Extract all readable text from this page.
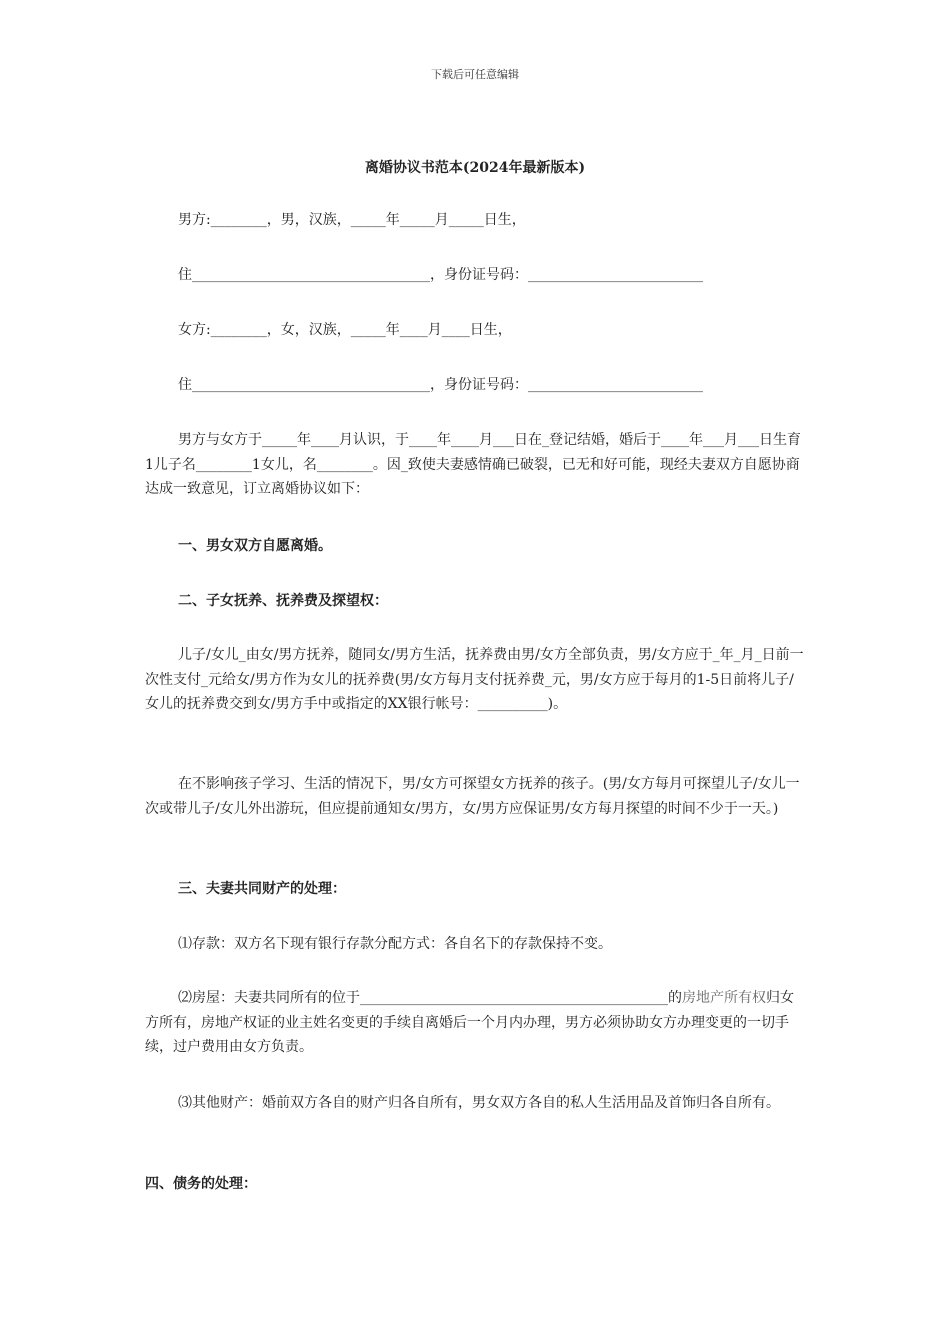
下载后可任意编辑
离婚协议书范本(2024年最新版本)

男方:________，男，汉族，_____年_____月_____日生，

住__________________________________，身份证号码：_________________________

女方:________，女，汉族，_____年____月____日生，

住__________________________________，身份证号码：_________________________

男方与女方于_____年____月认识，于____年____月___日在_登记结婚，婚后于____年___月___日生育1儿子名________1女儿，名________。因_致使夫妻感情确已破裂，已无和好可能，现经夫妻双方自愿协商达成一致意见，订立离婚协议如下：

一、男女双方自愿离婚。

二、子女抚养、抚养费及探望权：

儿子/女儿_由女/男方抚养，随同女/男方生活，抚养费由男/女方全部负责，男/女方应于_年_月_日前一次性支付_元给女/男方作为女儿的抚养费(男/女方每月支付抚养费_元，男/女方应于每月的1-5日前将儿子/女儿的抚养费交到女/男方手中或指定的XX银行帐号：__________)。

在不影响孩子学习、生活的情况下，男/女方可探望女方抚养的孩子。(男/女方每月可探望儿子/女儿一次或带儿子/女儿外出游玩，但应提前通知女/男方，女/男方应保证男/女方每月探望的时间不少于一天。)

三、夫妻共同财产的处理：

⑴存款：双方名下现有银行存款分配方式：各自名下的存款保持不变。

⑵房屋：夫妻共同所有的位于____________________________________________的房地产所有权归女方所有，房地产权证的业主姓名变更的手续自离婚后一个月内办理，男方必须协助女方办理变更的一切手续，过户费用由女方负责。

⑶其他财产：婚前双方各自的财产归各自所有，男女双方各自的私人生活用品及首饰归各自所有。

四、债务的处理：
